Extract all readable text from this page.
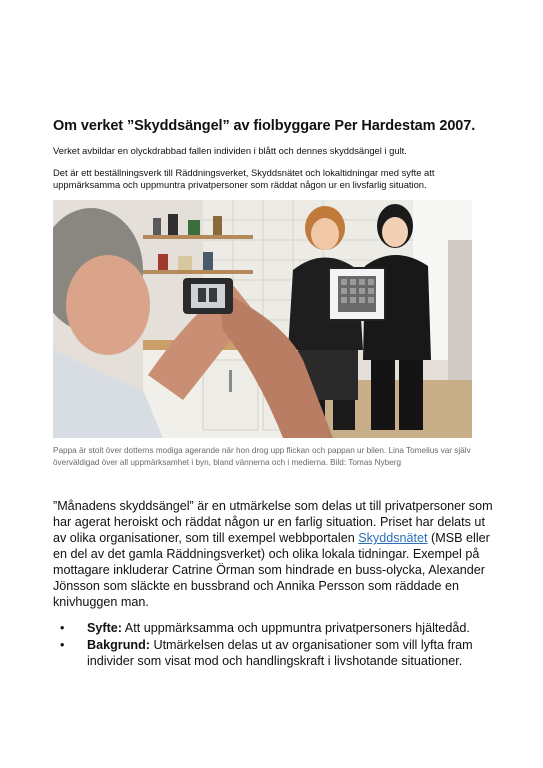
Om verket ”Skyddsängel” av fiolbyggare Per Hardestam 2007.

Verket avbildar en olyckdrabbad fallen individen i blått och dennes skyddsängel i gult.

Det är ett beställningsverk till Räddningsverket, Skyddsnätet och lokaltidningar med syfte att uppmärksamma och uppmuntra privatpersoner som räddat någon ur en livsfarlig situation.

Pappa är stolt över dotterns modiga agerande när hon drog upp flickan och pappan ur bilen. Lina Tomelius var själv överväldigad över all uppmärksamhet i byn, bland vännerna och i medierna. Bild: Tomas Nyberg

”Månadens skyddsängel” är en utmärkelse som delas ut till privatpersoner som har agerat heroiskt och räddat någon ur en farlig situation. Priset har delats ut av olika organisationer, som till exempel webbportalen Skyddsnätet (MSB eller en del av det gamla Räddningsverket) och olika lokala tidningar. Exempel på mottagare inkluderar Catrine Örman som hindrade en buss-olycka, Alexander Jönsson som släckte en bussbrand och Annika Persson som räddade en knivhuggen man.

• Syfte: Att uppmärksamma och uppmuntra privatpersoners hjältedåd.
• Bakgrund: Utmärkelsen delas ut av organisationer som vill lyfta fram individer som visat mod och handlingskraft i livshotande situationer.
